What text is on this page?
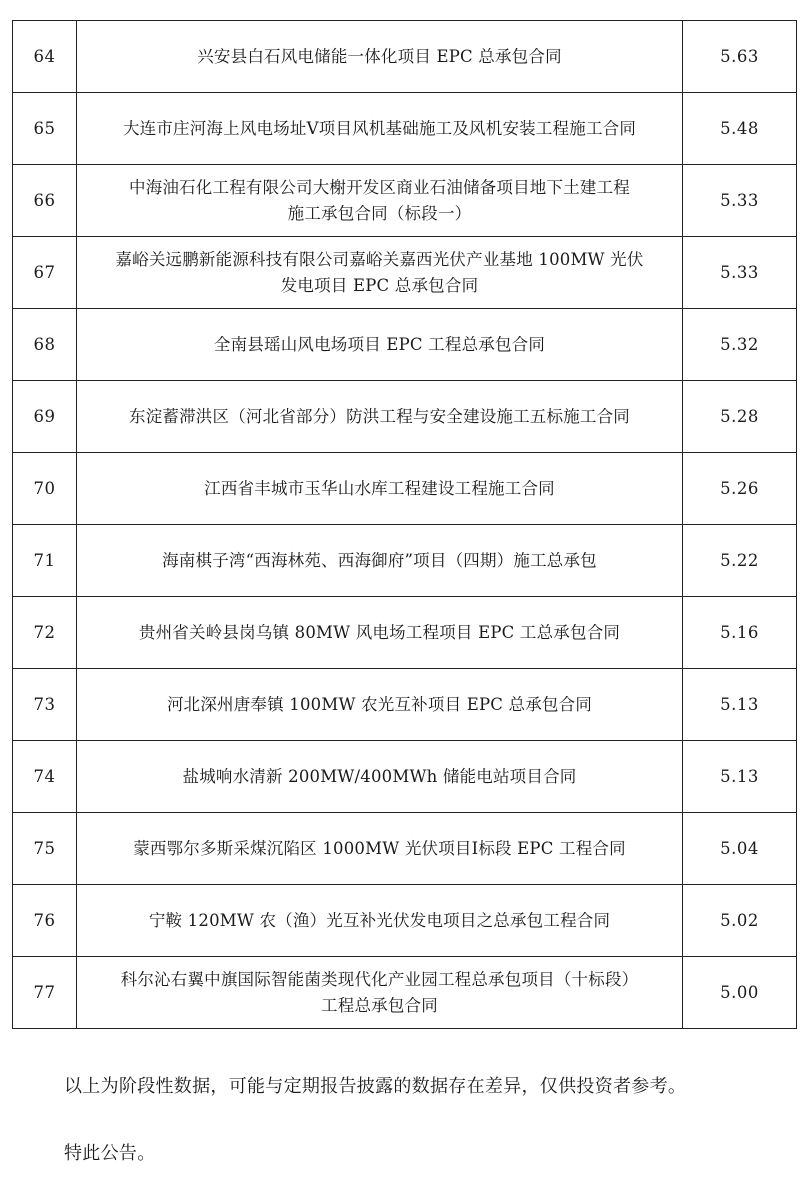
64	兴安县白石风电储能一体化项目 EPC 总承包合同	5.63
65	大连市庄河海上风电场址Ⅴ项目风机基础施工及风机安装工程施工合同	5.48
66	中海油石化工程有限公司大榭开发区商业石油储备项目地下土建工程
施工承包合同（标段一）	5.33
67	嘉峪关远鹏新能源科技有限公司嘉峪关嘉西光伏产业基地 100MW 光伏
发电项目 EPC 总承包合同	5.33
68	全南县瑶山风电场项目 EPC 工程总承包合同	5.32
69	东淀蓄滞洪区（河北省部分）防洪工程与安全建设施工五标施工合同	5.28
70	江西省丰城市玉华山水库工程建设工程施工合同	5.26
71	海南棋子湾“西海林苑、西海御府”项目（四期）施工总承包	5.22
72	贵州省关岭县岗乌镇 80MW 风电场工程项目 EPC 工总承包合同	5.16
73	河北深州唐奉镇 100MW 农光互补项目 EPC 总承包合同	5.13
74	盐城响水清新 200MW/400MWh 储能电站项目合同	5.13
75	蒙西鄂尔多斯采煤沉陷区 1000MW 光伏项目Ⅰ标段 EPC 工程合同	5.04
76	宁鞍 120MW 农（渔）光互补光伏发电项目之总承包工程合同	5.02
77	科尔沁右翼中旗国际智能菌类现代化产业园工程总承包项目（十标段）
工程总承包合同	5.00
以上为阶段性数据，可能与定期报告披露的数据存在差异，仅供投资者参考。
特此公告。
